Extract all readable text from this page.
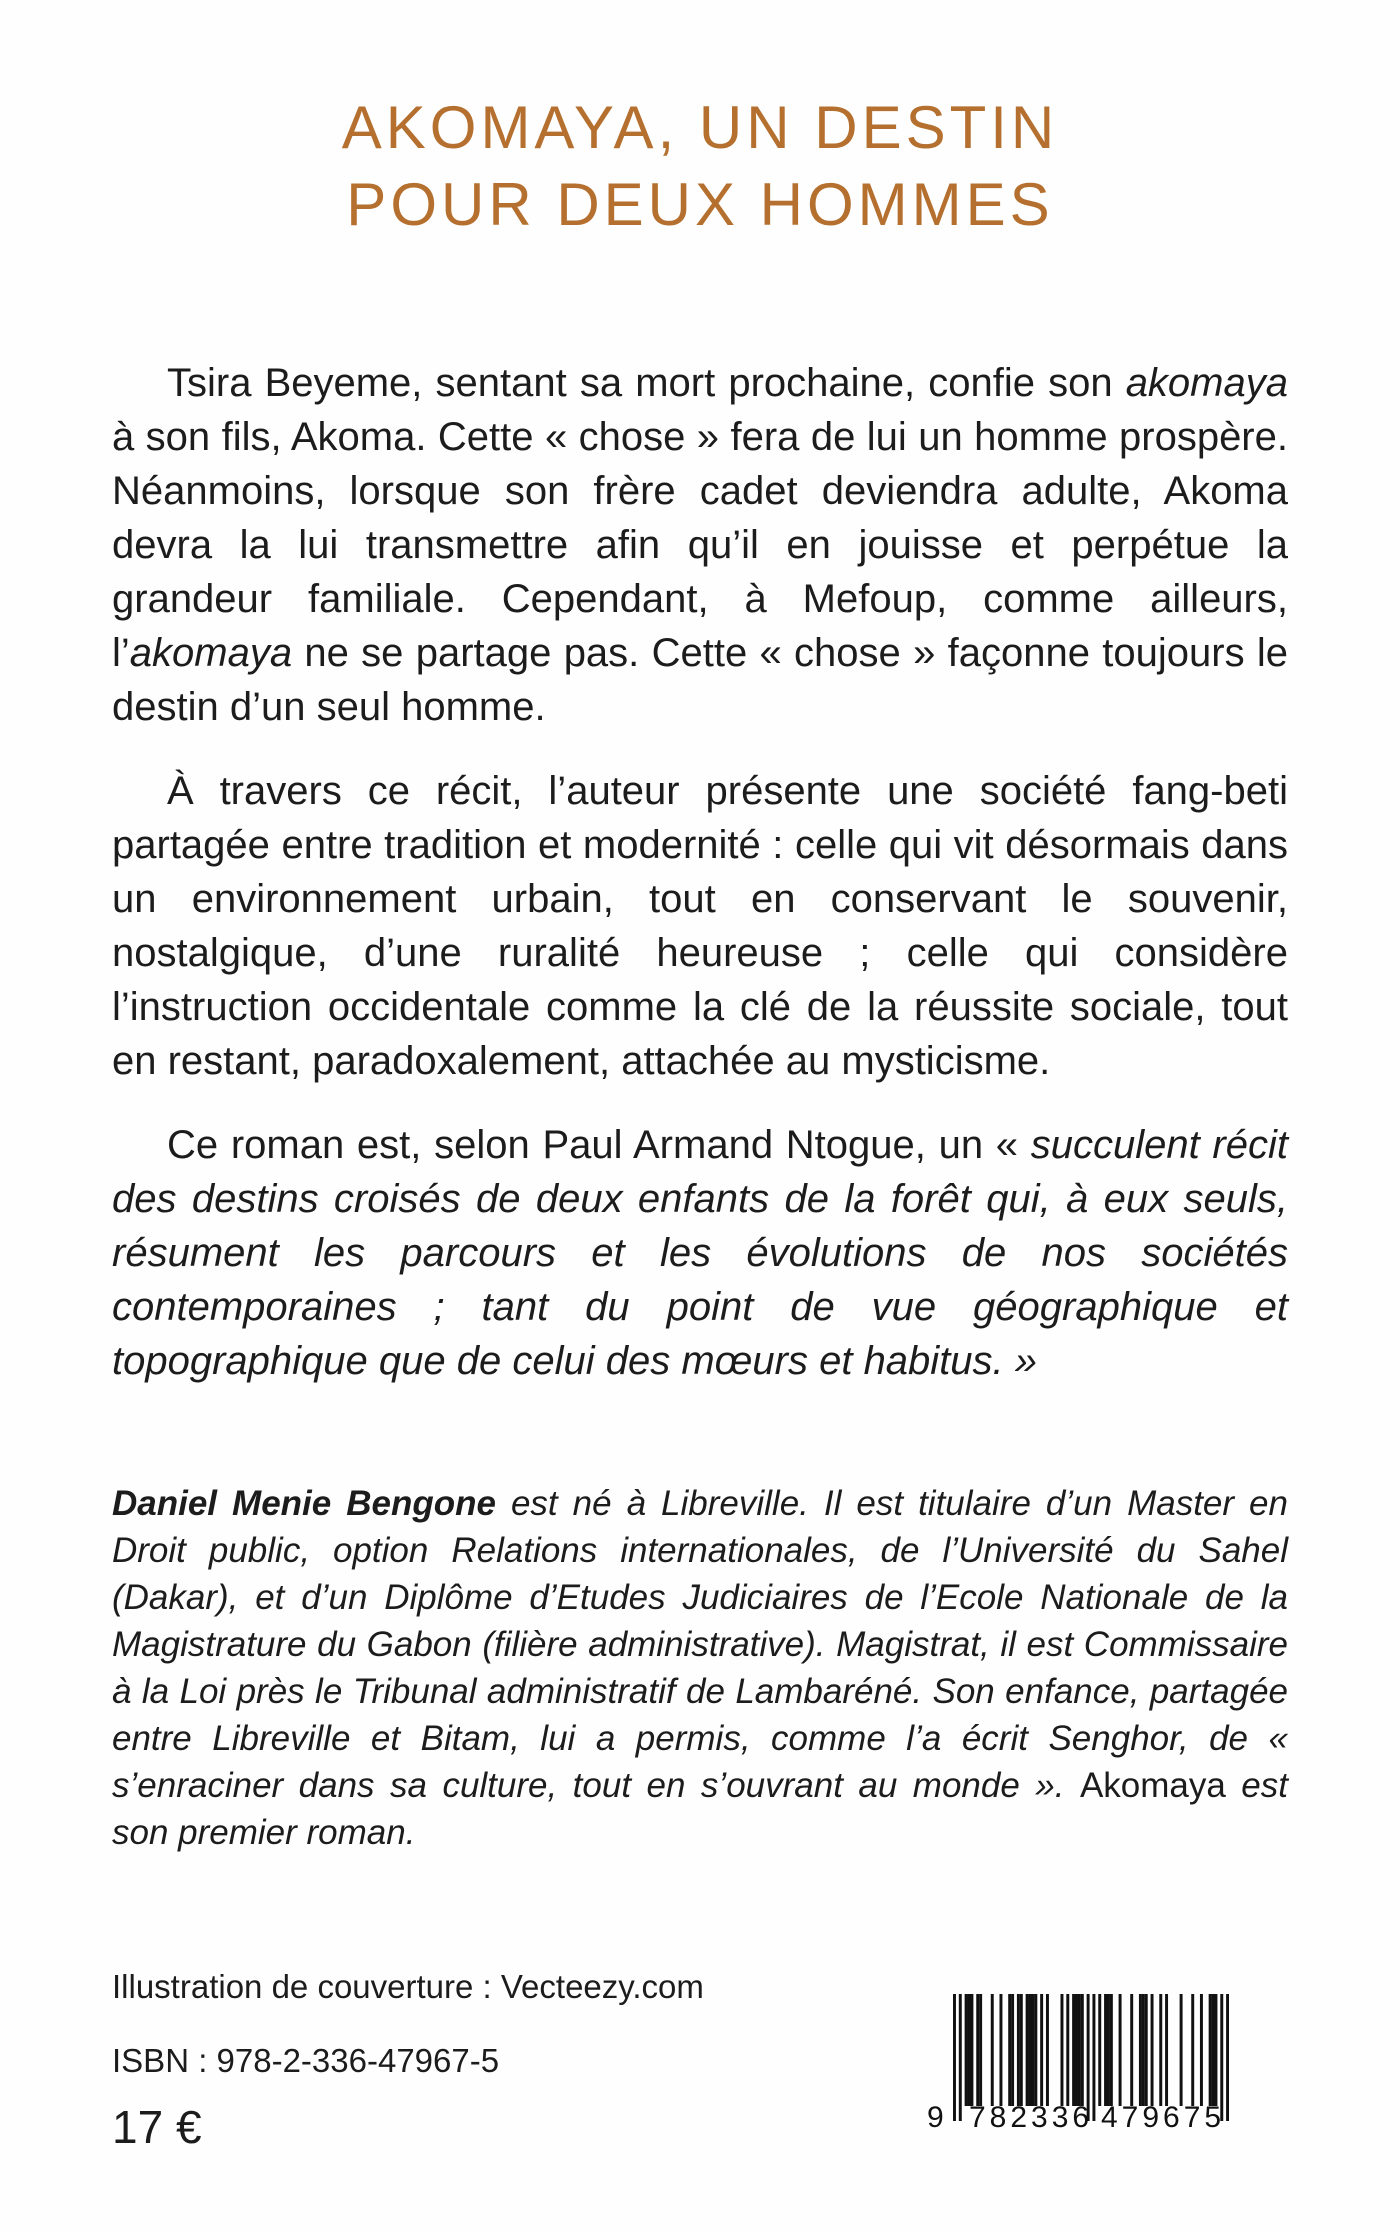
AKOMAYA, UN DESTIN
POUR DEUX HOMMES

Tsira Beyeme, sentant sa mort prochaine, confie son akomaya à son fils, Akoma. Cette « chose » fera de lui un homme prospère. Néanmoins, lorsque son frère cadet deviendra adulte, Akoma devra la lui transmettre afin qu’il en jouisse et perpétue la grandeur familiale. Cependant, à Mefoup, comme ailleurs, l’akomaya ne se partage pas. Cette « chose » façonne toujours le destin d’un seul homme.

À travers ce récit, l’auteur présente une société fang-beti partagée entre tradition et modernité : celle qui vit désormais dans un environnement urbain, tout en conservant le souvenir, nostalgique, d’une ruralité heureuse ; celle qui considère l’instruction occidentale comme la clé de la réussite sociale, tout en restant, paradoxalement, attachée au mysticisme.

Ce roman est, selon Paul Armand Ntogue, un « succulent récit des destins croisés de deux enfants de la forêt qui, à eux seuls, résument les parcours et les évolutions de nos sociétés contemporaines ; tant du point de vue géographique et topographique que de celui des mœurs et habitus. »

Daniel Menie Bengone est né à Libreville. Il est titulaire d’un Master en Droit public, option Relations internationales, de l’Université du Sahel (Dakar), et d’un Diplôme d’Etudes Judiciaires de l’Ecole Nationale de la Magistrature du Gabon (filière administrative). Magistrat, il est Commissaire à la Loi près le Tribunal administratif de Lambaréné. Son enfance, partagée entre Libreville et Bitam, lui a permis, comme l’a écrit Senghor, de « s’enraciner dans sa culture, tout en s’ouvrant au monde ». Akomaya est son premier roman.

Illustration de couverture : Vecteezy.com

ISBN : 978-2-336-47967-5

17 €	9 782336 479675
